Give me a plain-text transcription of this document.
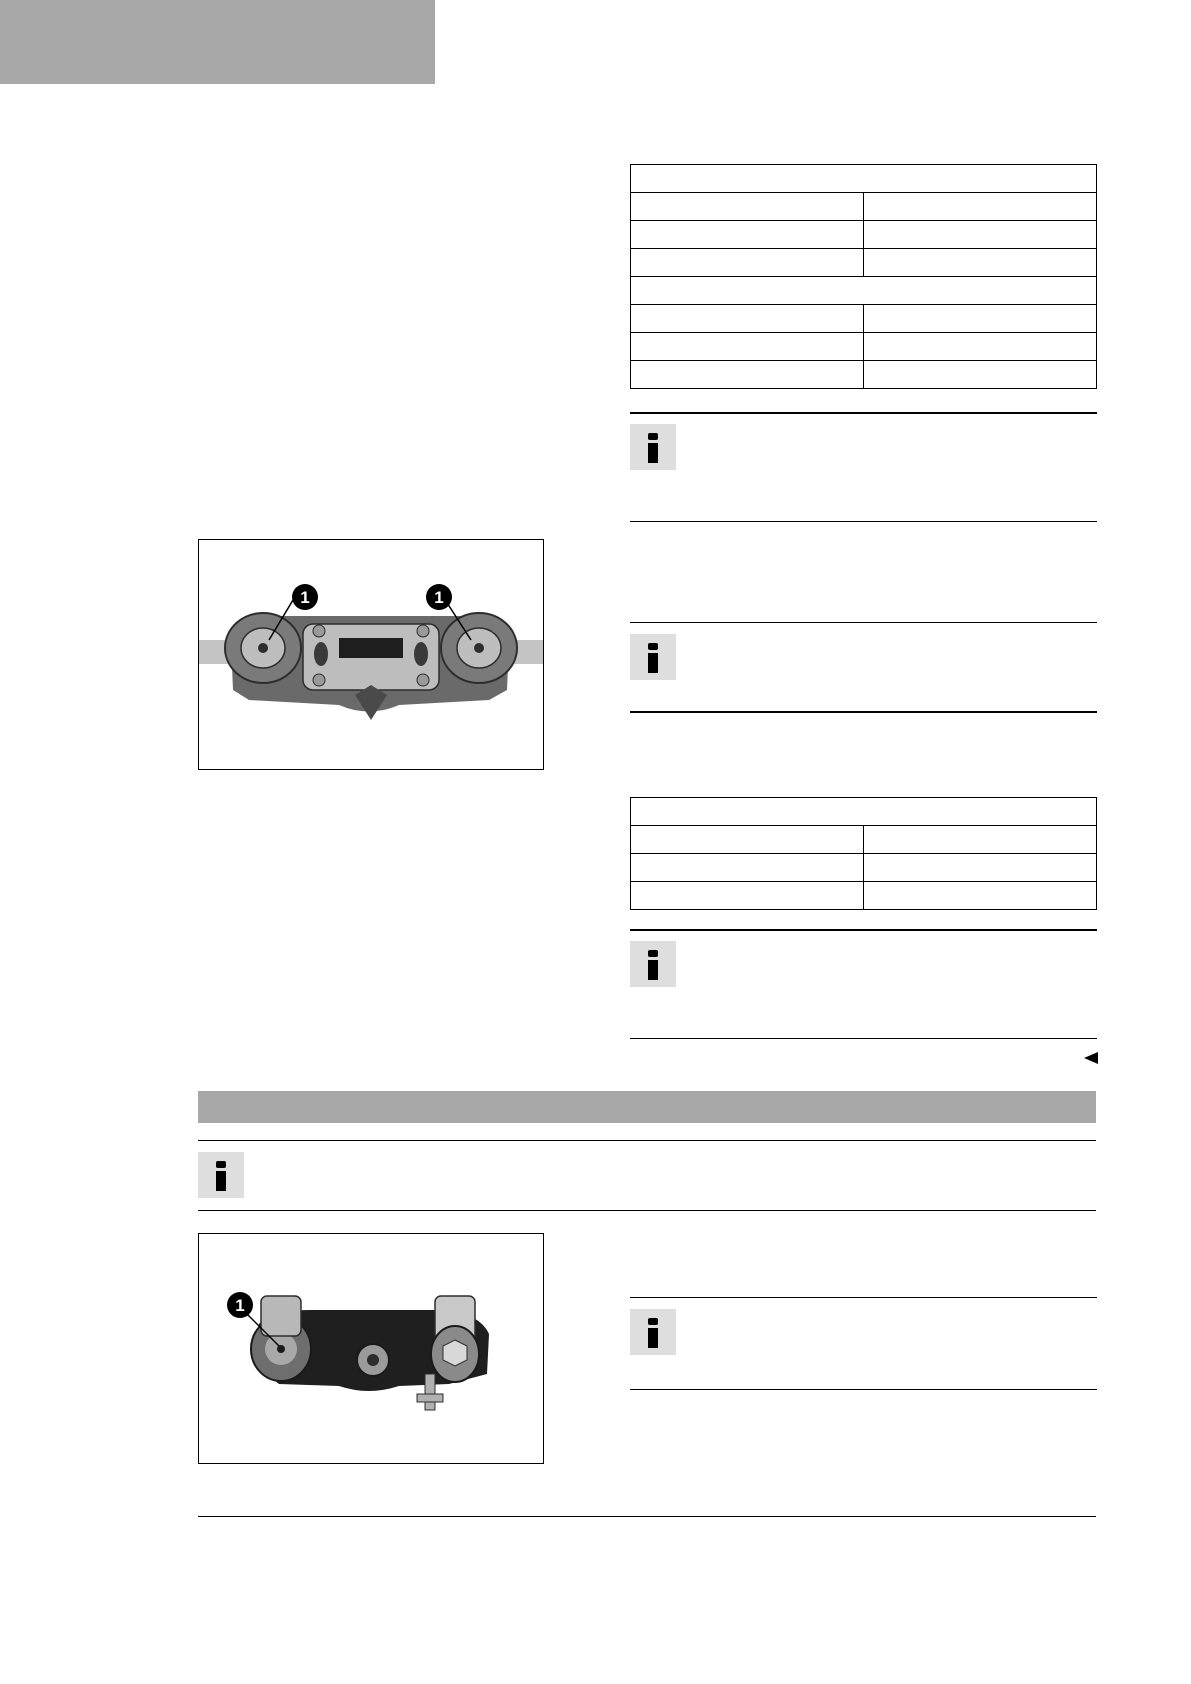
1	1
1
